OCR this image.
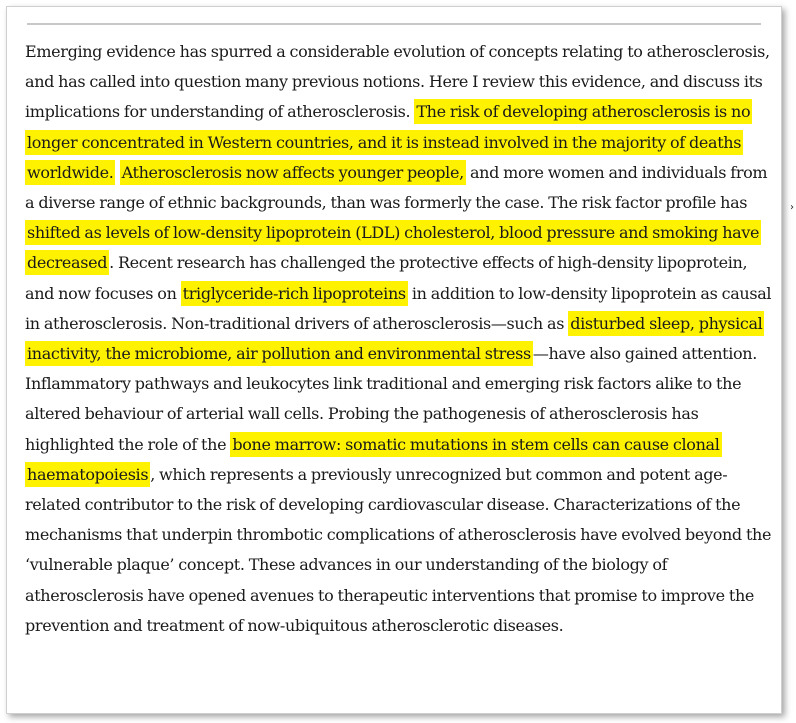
Emerging evidence has spurred a considerable evolution of concepts relating to atherosclerosis, and has called into question many previous notions. Here I review this evidence, and discuss its implications for understanding of atherosclerosis. The risk of developing atherosclerosis is no longer concentrated in Western countries, and it is instead involved in the majority of deaths worldwide. Atherosclerosis now affects younger people, and more women and individuals from a diverse range of ethnic backgrounds, than was formerly the case. The risk factor profile has shifted as levels of low-density lipoprotein (LDL) cholesterol, blood pressure and smoking have decreased . Recent research has challenged the protective effects of high-density lipoprotein, and now focuses on triglyceride-rich lipoproteins in addition to low-density lipoprotein as causal in atherosclerosis. Non-traditional drivers of atherosclerosis—such as disturbed sleep, physical inactivity, the microbiome, air pollution and environmental stress —have also gained attention. Inflammatory pathways and leukocytes link traditional and emerging risk factors alike to the altered behaviour of arterial wall cells. Probing the pathogenesis of atherosclerosis has highlighted the role of the bone marrow: somatic mutations in stem cells can cause clonal haematopoiesis , which represents a previously unrecognized but common and potent age-related contributor to the risk of developing cardiovascular disease. Characterizations of the mechanisms that underpin thrombotic complications of atherosclerosis have evolved beyond the ‘vulnerable plaque’ concept. These advances in our understanding of the biology of atherosclerosis have opened avenues to therapeutic interventions that promise to improve the prevention and treatment of now-ubiquitous atherosclerotic diseases.

›
